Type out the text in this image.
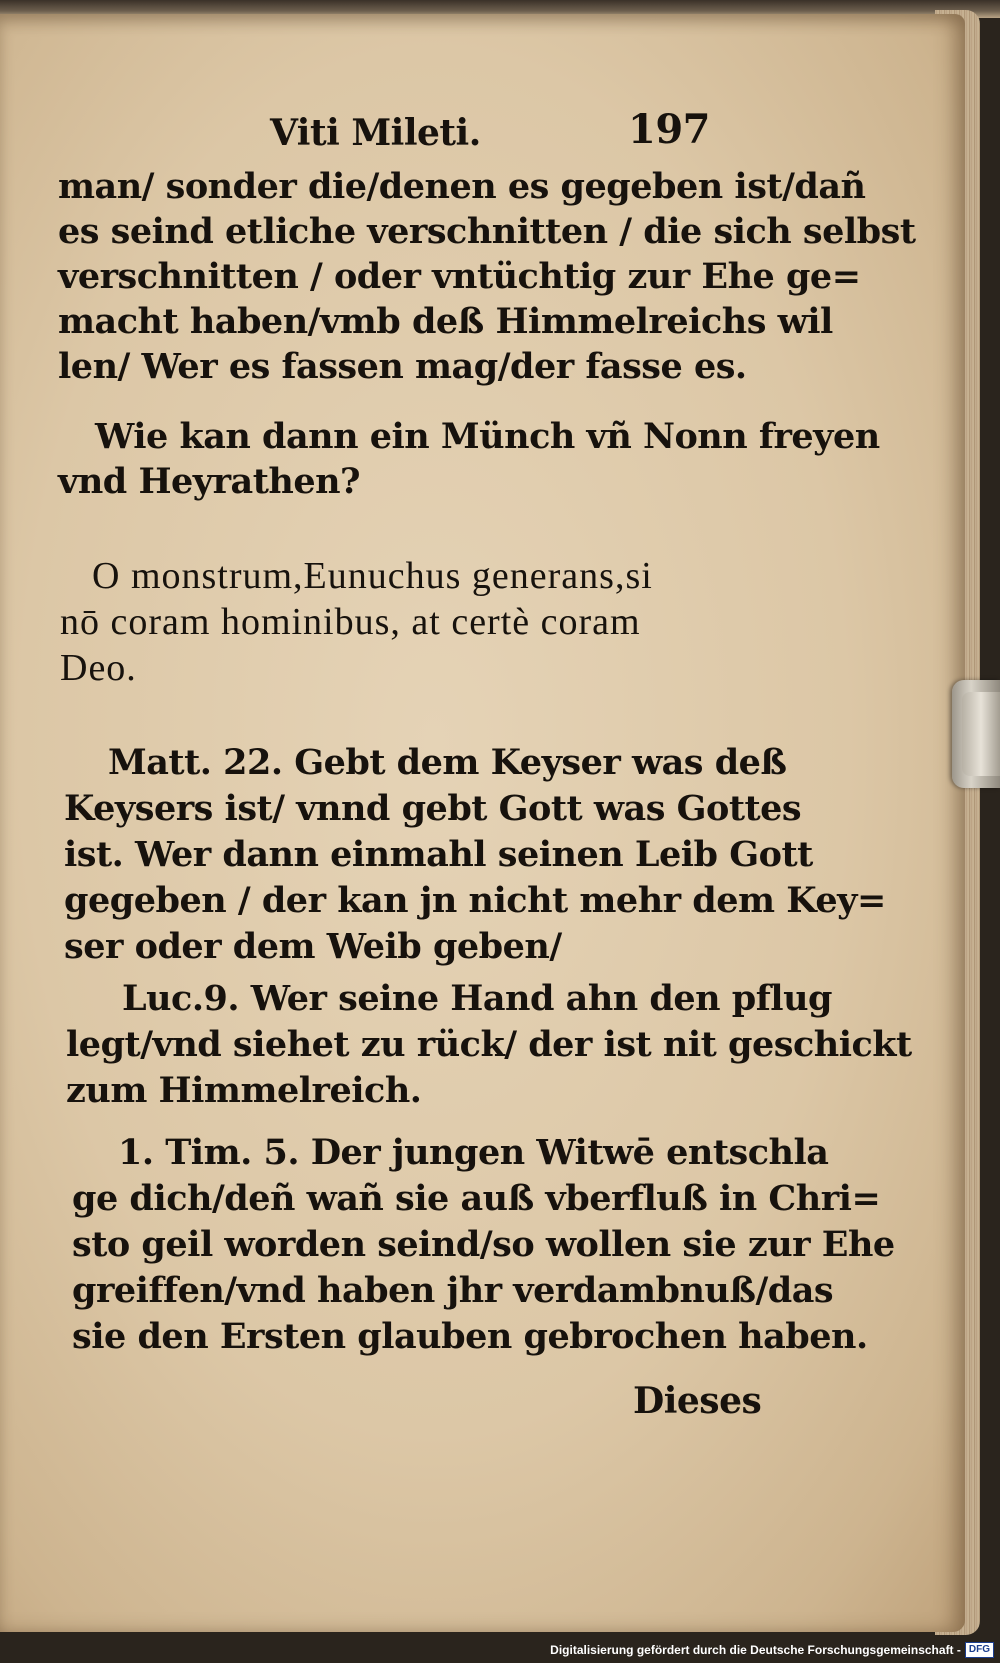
Viti Mileti.	197
man/ sonder die/denen es gegeben ist/dañ
es seind etliche verschnitten / die sich selbst
verschnitten / oder vntüchtig zur Ehe ge=
macht haben/vmb deß Himmelreichs wil
len/ Wer es fassen mag/der fasse es.
Wie kan dann ein Münch vñ Nonn freyen
vnd Heyrathen?
O monstrum,Eunuchus generans,si
nō coram hominibus, at certè coram
Deo.
Matt. 22. Gebt dem Keyser was deß
Keysers ist/ vnnd gebt Gott was Gottes
ist. Wer dann einmahl seinen Leib Gott
gegeben / der kan jn nicht mehr dem Key=
ser oder dem Weib geben/
Luc.9. Wer seine Hand ahn den pflug
legt/vnd siehet zu rück/ der ist nit geschickt
zum Himmelreich.
1. Tim. 5. Der jungen Witwē entschla
ge dich/deñ wañ sie auß vberfluß in Chri=
sto geil worden seind/so wollen sie zur Ehe
greiffen/vnd haben jhr verdambnuß/das
sie den Ersten glauben gebrochen haben.
Dieses
Digitalisierung gefördert durch die Deutsche Forschungsgemeinschaft - DFG
